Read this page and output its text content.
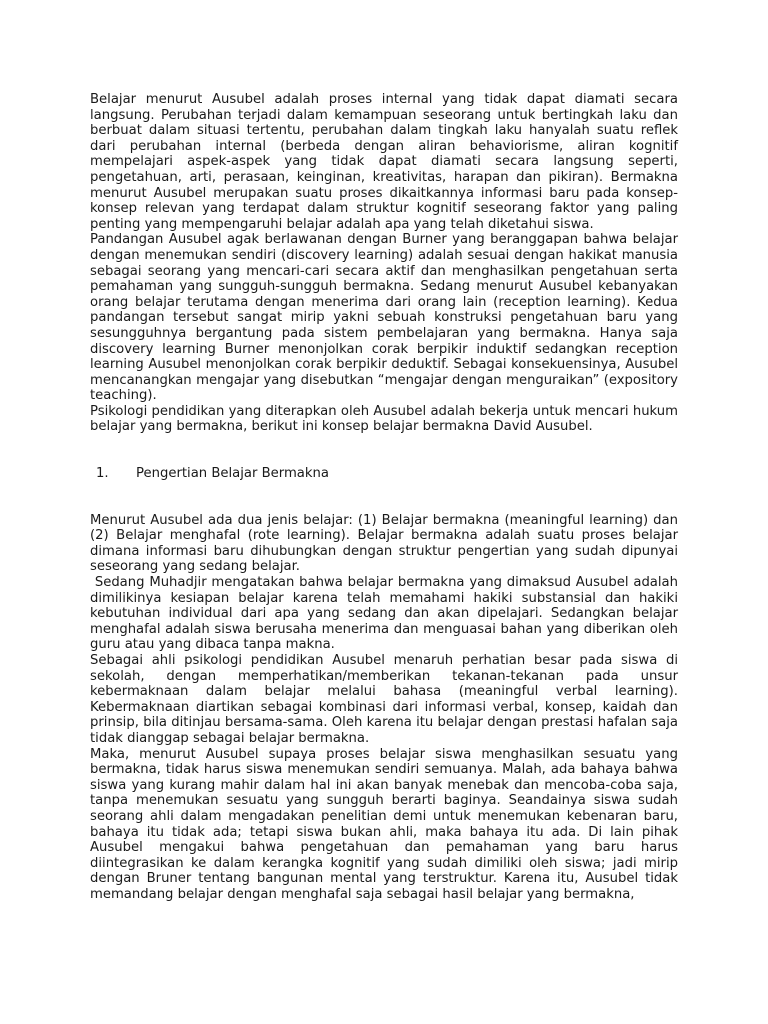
Belajar menurut Ausubel adalah proses internal yang tidak dapat diamati secara langsung. Perubahan terjadi dalam kemampuan seseorang untuk bertingkah laku dan berbuat dalam situasi tertentu, perubahan dalam tingkah laku hanyalah suatu reflek dari perubahan internal (berbeda dengan aliran behaviorisme, aliran kognitif mempelajari aspek-aspek yang tidak dapat diamati secara langsung seperti, pengetahuan, arti, perasaan, keinginan, kreativitas, harapan dan pikiran). Bermakna menurut Ausubel merupakan suatu proses dikaitkannya informasi baru pada konsep-konsep relevan yang terdapat dalam struktur kognitif seseorang faktor yang paling penting yang mempengaruhi belajar adalah apa yang telah diketahui siswa.

Pandangan Ausubel agak berlawanan dengan Burner yang beranggapan bahwa belajar dengan menemukan sendiri (discovery learning) adalah sesuai dengan hakikat manusia sebagai seorang yang mencari-cari secara aktif dan menghasilkan pengetahuan serta pemahaman yang sungguh-sungguh bermakna. Sedang menurut Ausubel kebanyakan orang belajar terutama dengan menerima dari orang lain (reception learning). Kedua pandangan tersebut sangat mirip yakni sebuah konstruksi pengetahuan baru yang sesungguhnya bergantung pada sistem pembelajaran yang bermakna. Hanya saja discovery learning Burner menonjolkan corak berpikir induktif sedangkan reception learning Ausubel menonjolkan corak berpikir deduktif. Sebagai konsekuensinya, Ausubel mencanangkan mengajar yang disebutkan “mengajar dengan menguraikan” (expository teaching).

Psikologi pendidikan yang diterapkan oleh Ausubel adalah bekerja untuk mencari hukum belajar yang bermakna, berikut ini konsep belajar bermakna David Ausubel.

1.	Pengertian Belajar Bermakna

Menurut Ausubel ada dua jenis belajar: (1) Belajar bermakna (meaningful learning) dan (2) Belajar menghafal (rote learning). Belajar bermakna adalah suatu proses belajar dimana informasi baru dihubungkan dengan struktur pengertian yang sudah dipunyai seseorang yang sedang belajar.

Sedang Muhadjir mengatakan bahwa belajar bermakna yang dimaksud Ausubel adalah dimilikinya kesiapan belajar karena telah memahami hakiki substansial dan hakiki kebutuhan individual dari apa yang sedang dan akan dipelajari. Sedangkan belajar menghafal adalah siswa berusaha menerima dan menguasai bahan yang diberikan oleh guru atau yang dibaca tanpa makna.

Sebagai ahli psikologi pendidikan Ausubel menaruh perhatian besar pada siswa di sekolah, dengan memperhatikan/memberikan tekanan-tekanan pada unsur kebermaknaan dalam belajar melalui bahasa (meaningful verbal learning). Kebermaknaan diartikan sebagai kombinasi dari informasi verbal, konsep, kaidah dan prinsip, bila ditinjau bersama-sama. Oleh karena itu belajar dengan prestasi hafalan saja tidak dianggap sebagai belajar bermakna.

Maka, menurut Ausubel supaya proses belajar siswa menghasilkan sesuatu yang bermakna, tidak harus siswa menemukan sendiri semuanya. Malah, ada bahaya bahwa siswa yang kurang mahir dalam hal ini akan banyak menebak dan mencoba-coba saja, tanpa menemukan sesuatu yang sungguh berarti baginya. Seandainya siswa sudah seorang ahli dalam mengadakan penelitian demi untuk menemukan kebenaran baru, bahaya itu tidak ada; tetapi siswa bukan ahli, maka bahaya itu ada. Di lain pihak Ausubel mengakui bahwa pengetahuan dan pemahaman yang baru harus diintegrasikan ke dalam kerangka kognitif yang sudah dimiliki oleh siswa; jadi mirip dengan Bruner tentang bangunan mental yang terstruktur. Karena itu, Ausubel tidak memandang belajar dengan menghafal saja sebagai hasil belajar yang bermakna,
